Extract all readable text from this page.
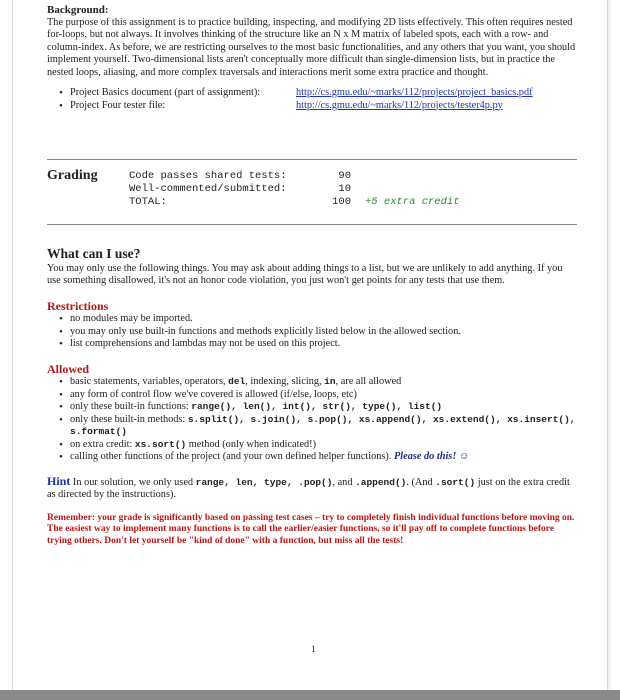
Background:

The purpose of this assignment is to practice building, inspecting, and modifying 2D lists effectively. This often requires nested for-loops, but not always. It involves thinking of the structure like an N x M matrix of labeled spots, each with a row- and column-index. As before, we are restricting ourselves to the most basic functionalities, and any others that you want, you should implement yourself. Two-dimensional lists aren't conceptually more difficult than single-dimension lists, but in practice the nested loops, aliasing, and more complex traversals and interactions merit some extra practice and thought.

• Project Basics document (part of assignment):	http://cs.gmu.edu/~marks/112/projects/project_basics.pdf
• Project Four tester file:	http://cs.gmu.edu/~marks/112/projects/tester4p.py
Grading	Code passes shared tests:	90
Well-commented/submitted:	10
TOTAL:	100 +5 extra credit
What can I use?

You may only use the following things. You may ask about adding things to a list, but we are unlikely to add anything. If you use something disallowed, it's not an honor code violation, you just won't get points for any tests that use them.

Restrictions
• no modules may be imported.
• you may only use built-in functions and methods explicitly listed below in the allowed section.
• list comprehensions and lambdas may not be used on this project.
Allowed
• basic statements, variables, operators, del, indexing, slicing, in, are all allowed
• any form of control flow we've covered is allowed (if/else, loops, etc)
• only these built-in functions: range(), len(), int(), str(), type(), list()
• only these built-in methods: s.split(), s.join(), s.pop(), xs.append(), xs.extend(), xs.insert(), s.format()
• on extra credit: xs.sort() method (only when indicated!)
• calling other functions of the project (and your own defined helper functions). Please do this! ☺

Hint In our solution, we only used range, len, type, .pop(), and .append(). (And .sort() just on the extra credit as directed by the instructions).

Remember: your grade is significantly based on passing test cases – try to completely finish individual functions before moving on. The easiest way to implement many functions is to call the earlier/easier functions, so it'll pay off to complete functions before trying others. Don't let yourself be "kind of done" with a function, but miss all the tests!
1
